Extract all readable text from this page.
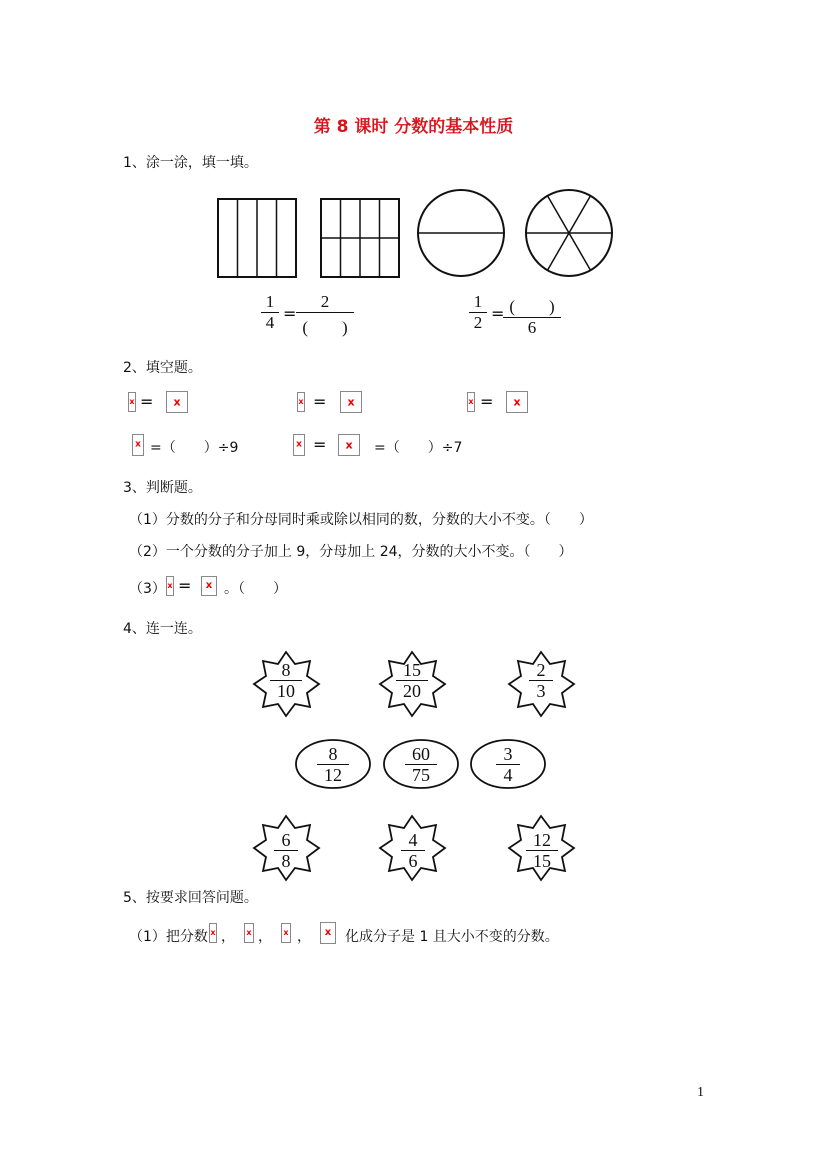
第 8 课时 分数的基本性质
1、涂一涂，填一填。
1
4 =
2
(　　)
1
2 = (　　)
6
2、填空题。
x =	x	x =	x	x =	x
x =（　　）÷9	x =	x	=（　　）÷7
3、判断题。
（1）分数的分子和分母同时乘或除以相同的数，分数的大小不变。（　　）
（2）一个分数的分子加上 9，分母加上 24，分数的大小不变。（　　）
（3） x =	x 。（　　）
4、连一连。
8
10
15
20
2
3
8
12
60
75
3
4
6
8
4
6
12
15
5、按要求回答问题。
（1）把分数 x ， x ， x ，	x 化成分子是 1 且大小不变的分数。
1
